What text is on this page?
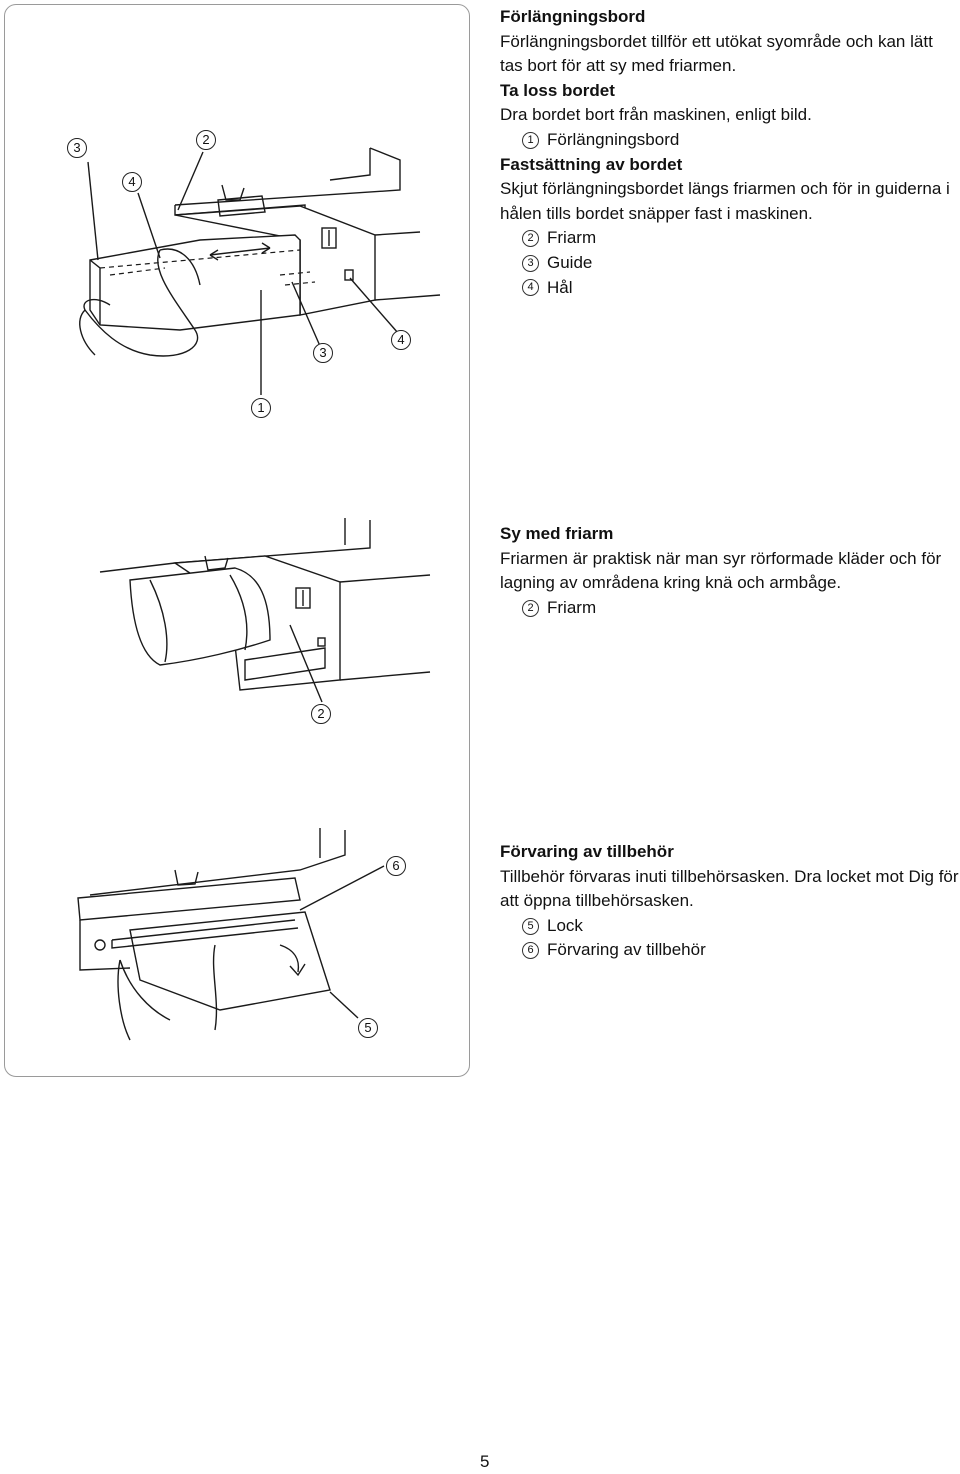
3
2
4
3
4
1
2
6
5

Förlängningsbord

Förlängningsbordet tillför ett utökat syområde och kan lätt tas bort för att sy med friarmen.

Ta loss bordet

Dra bordet bort från maskinen, enligt bild.

1 Förlängningsbord

Fastsättning av bordet

Skjut förlängningsbordet längs friarmen och för in guiderna i hålen tills bordet snäpper fast i maskinen.

2 Friarm
3 Guide
4 Hål

Sy med friarm

Friarmen är praktisk när man syr rörformade kläder och för lagning av områdena kring knä och armbåge.

2 Friarm

Förvaring av tillbehör

Tillbehör förvaras inuti tillbehörsasken. Dra locket mot Dig för att öppna tillbehörsasken.

5 Lock
6 Förvaring av tillbehör
5
